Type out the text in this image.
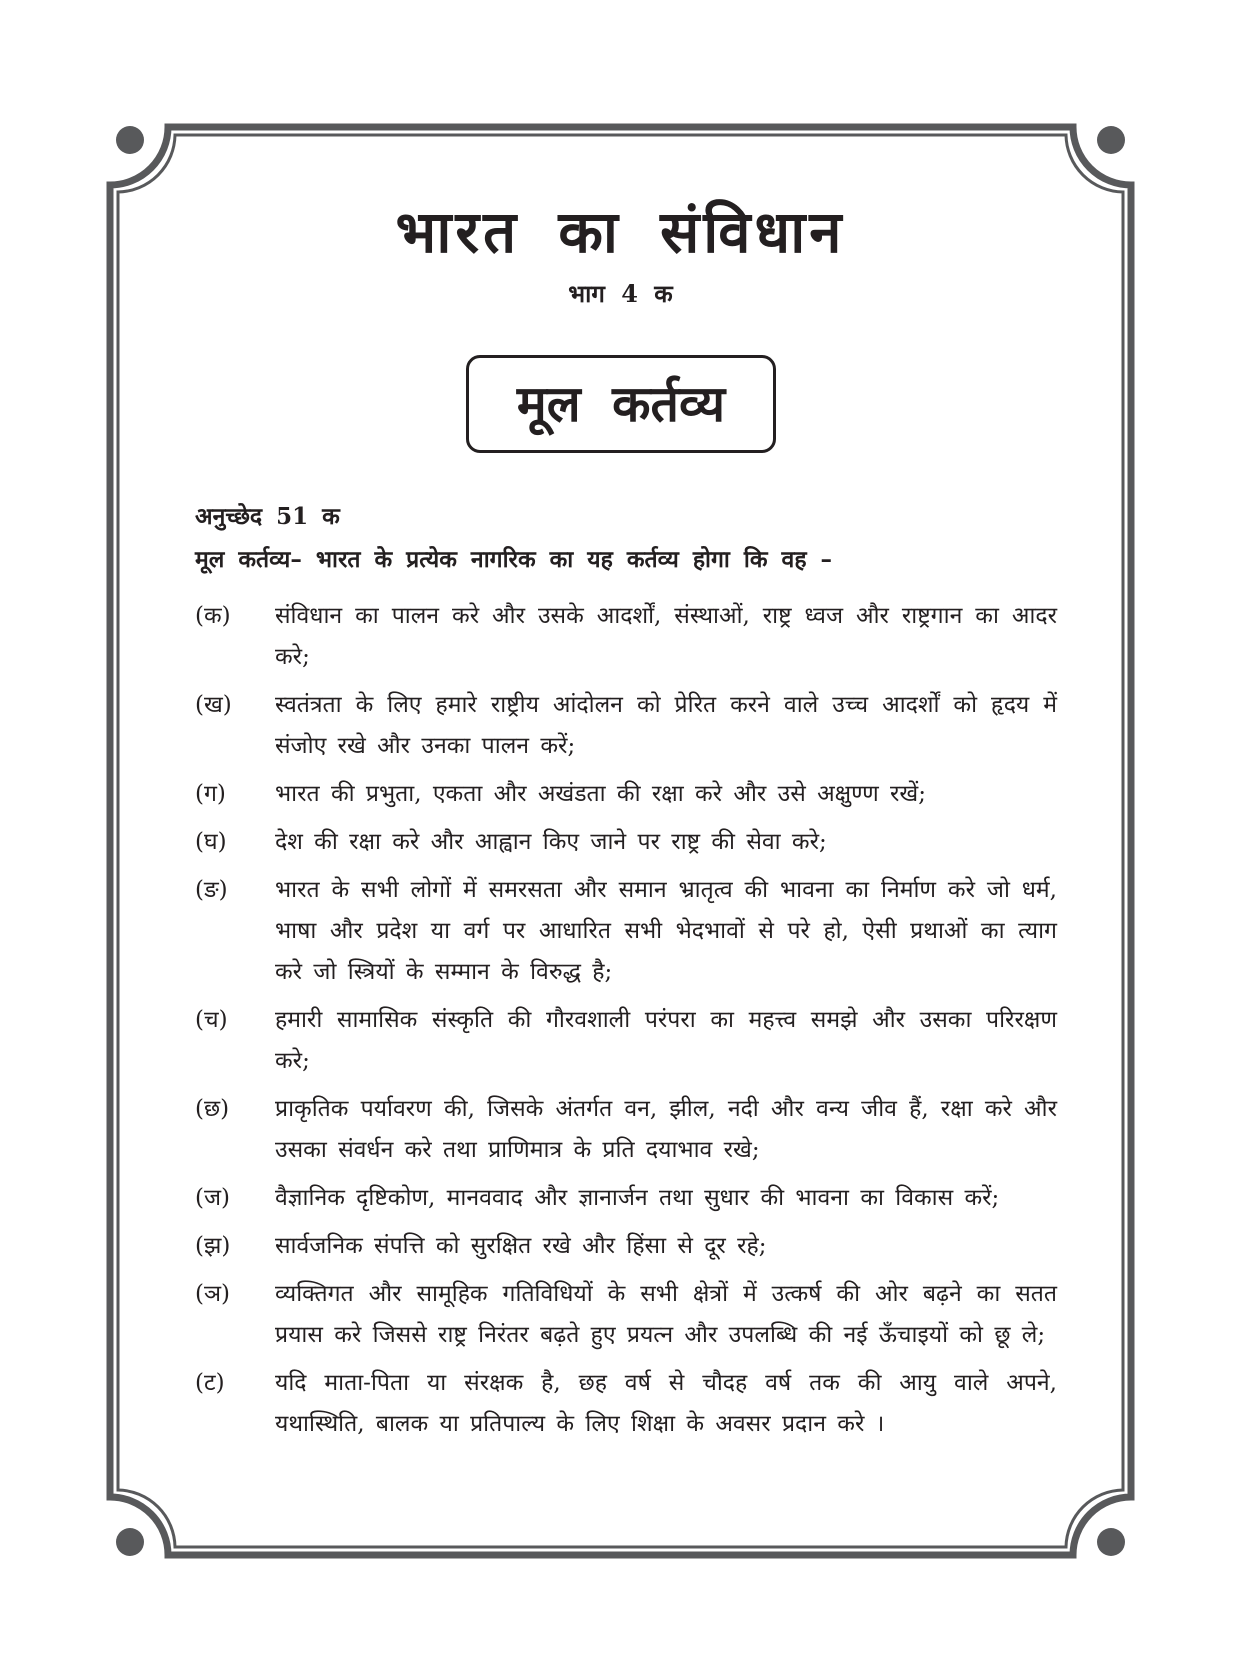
भारत का संविधान
भाग 4 क
मूल कर्तव्य
अनुच्छेद 51 क
मूल कर्तव्य– भारत के प्रत्येक नागरिक का यह कर्तव्य होगा कि वह –
(क)	संविधान का पालन करे और उसके आदर्शों, संस्थाओं, राष्ट्र ध्वज और राष्ट्रगान का आदर करे;
(ख)	स्वतंत्रता के लिए हमारे राष्ट्रीय आंदोलन को प्रेरित करने वाले उच्च आदर्शों को हृदय में संजोए रखे और उनका पालन करें;
(ग)	भारत की प्रभुता, एकता और अखंडता की रक्षा करे और उसे अक्षुण्ण रखें;
(घ)	देश की रक्षा करे और आह्वान किए जाने पर राष्ट्र की सेवा करे;
(ङ)	भारत के सभी लोगों में समरसता और समान भ्रातृत्व की भावना का निर्माण करे जो धर्म, भाषा और प्रदेश या वर्ग पर आधारित सभी भेदभावों से परे हो, ऐसी प्रथाओं का त्याग करे जो स्त्रियों के सम्मान के विरुद्ध है;
(च)	हमारी सामासिक संस्कृति की गौरवशाली परंपरा का महत्त्व समझे और उसका परिरक्षण करे;
(छ)	प्राकृतिक पर्यावरण की, जिसके अंतर्गत वन, झील, नदी और वन्य जीव हैं, रक्षा करे और उसका संवर्धन करे तथा प्राणिमात्र के प्रति दयाभाव रखे;
(ज)	वैज्ञानिक दृष्टिकोण, मानववाद और ज्ञानार्जन तथा सुधार की भावना का विकास करें;
(झ)	सार्वजनिक संपत्ति को सुरक्षित रखे और हिंसा से दूर रहे;
(ञ)	व्यक्तिगत और सामूहिक गतिविधियों के सभी क्षेत्रों में उत्कर्ष की ओर बढ़ने का सतत प्रयास करे जिससे राष्ट्र निरंतर बढ़ते हुए प्रयत्न और उपलब्धि की नई ऊँचाइयों को छू ले;
(ट)	यदि माता-पिता या संरक्षक है, छह वर्ष से चौदह वर्ष तक की आयु वाले अपने, यथास्थिति, बालक या प्रतिपाल्य के लिए शिक्षा के अवसर प्रदान करे ।
